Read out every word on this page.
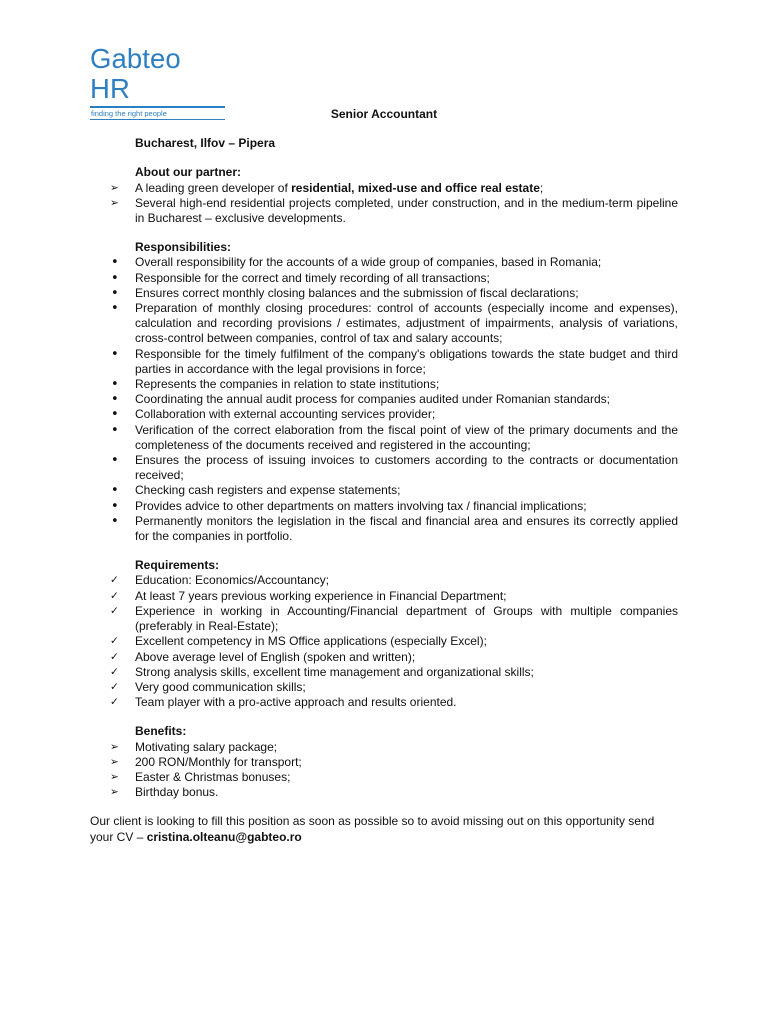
Gabteo HR
finding the right people	Senior Accountant

Bucharest, Ilfov – Pipera

About our partner:
➢	A leading green developer of residential, mixed-use and office real estate;
➢	Several high-end residential projects completed, under construction, and in the medium-term pipeline in Bucharest – exclusive developments.
Responsibilities:
•	Overall responsibility for the accounts of a wide group of companies, based in Romania;
•	Responsible for the correct and timely recording of all transactions;
•	Ensures correct monthly closing balances and the submission of fiscal declarations;
•	Preparation of monthly closing procedures: control of accounts (especially income and expenses), calculation and recording provisions / estimates, adjustment of impairments, analysis of variations, cross-control between companies, control of tax and salary accounts;
•	Responsible for the timely fulfilment of the company's obligations towards the state budget and third parties in accordance with the legal provisions in force;
•	Represents the companies in relation to state institutions;
•	Coordinating the annual audit process for companies audited under Romanian standards;
•	Collaboration with external accounting services provider;
•	Verification of the correct elaboration from the fiscal point of view of the primary documents and the completeness of the documents received and registered in the accounting;
•	Ensures the process of issuing invoices to customers according to the contracts or documentation received;
•	Checking cash registers and expense statements;
•	Provides advice to other departments on matters involving tax / financial implications;
•	Permanently monitors the legislation in the fiscal and financial area and ensures its correctly applied for the companies in portfolio.
Requirements:
✓	Education: Economics/Accountancy;
✓	At least 7 years previous working experience in Financial Department;
✓	Experience in working in Accounting/Financial department of Groups with multiple companies (preferably in Real-Estate);
✓	Excellent competency in MS Office applications (especially Excel);
✓	Above average level of English (spoken and written);
✓	Strong analysis skills, excellent time management and organizational skills;
✓	Very good communication skills;
✓	Team player with a pro-active approach and results oriented.
Benefits:
➢	Motivating salary package;
➢	200 RON/Monthly for transport;
➢	Easter & Christmas bonuses;
➢	Birthday bonus.

Our client is looking to fill this position as soon as possible so to avoid missing out on this opportunity send your CV – cristina.olteanu@gabteo.ro
